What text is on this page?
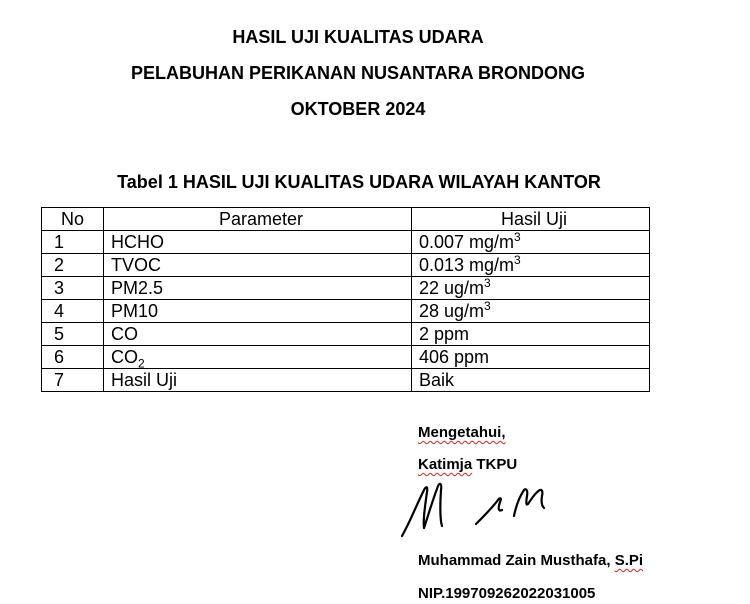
HASIL UJI KUALITAS UDARA
PELABUHAN PERIKANAN NUSANTARA BRONDONG
OKTOBER 2024
Tabel 1 HASIL UJI KUALITAS UDARA WILAYAH KANTOR
No	Parameter	Hasil Uji
1	HCHO	0.007 $mg/m^3$
2	TVOC	0.013 $mg/m^3$
3	PM2.5	22 $ug/m^3$
4	PM10	28 $ug/m^3$
5	CO	2 ppm
6	$CO_2$	406 ppm
7	Hasil Uji	Baik
Mengetahui,
Katimja TKPU
Muhammad Zain Musthafa, S.Pi
NIP.199709262022031005
